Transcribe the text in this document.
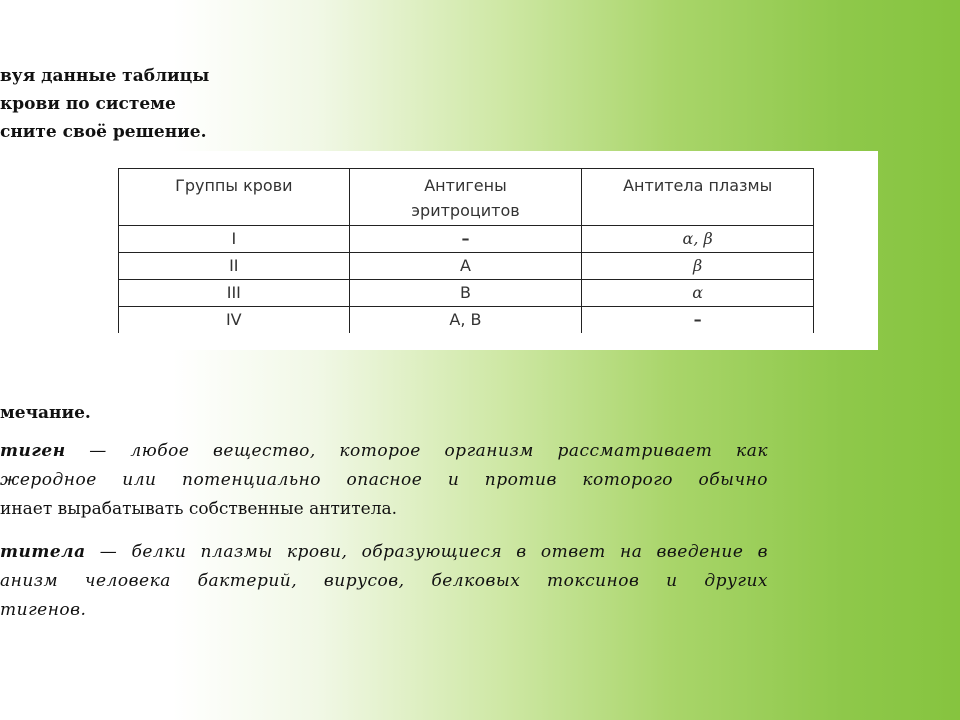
вуя данные таблицы
крови по системе
сните своё решение.
Группы крови	Антигены эритроцитов	Антитела плазмы
I	–	α, β
II	А	β
III	В	α
IV	А, В	–
мечание.
тиген — любое вещество, которое организм рассматривает как
жеродное или потенциально опасное и против которого обычно
инает вырабатывать собственные антитела.
титела — белки плазмы крови, образующиеся в ответ на введение в
анизм человека бактерий, вирусов, белковых токсинов и других
тигенов.
